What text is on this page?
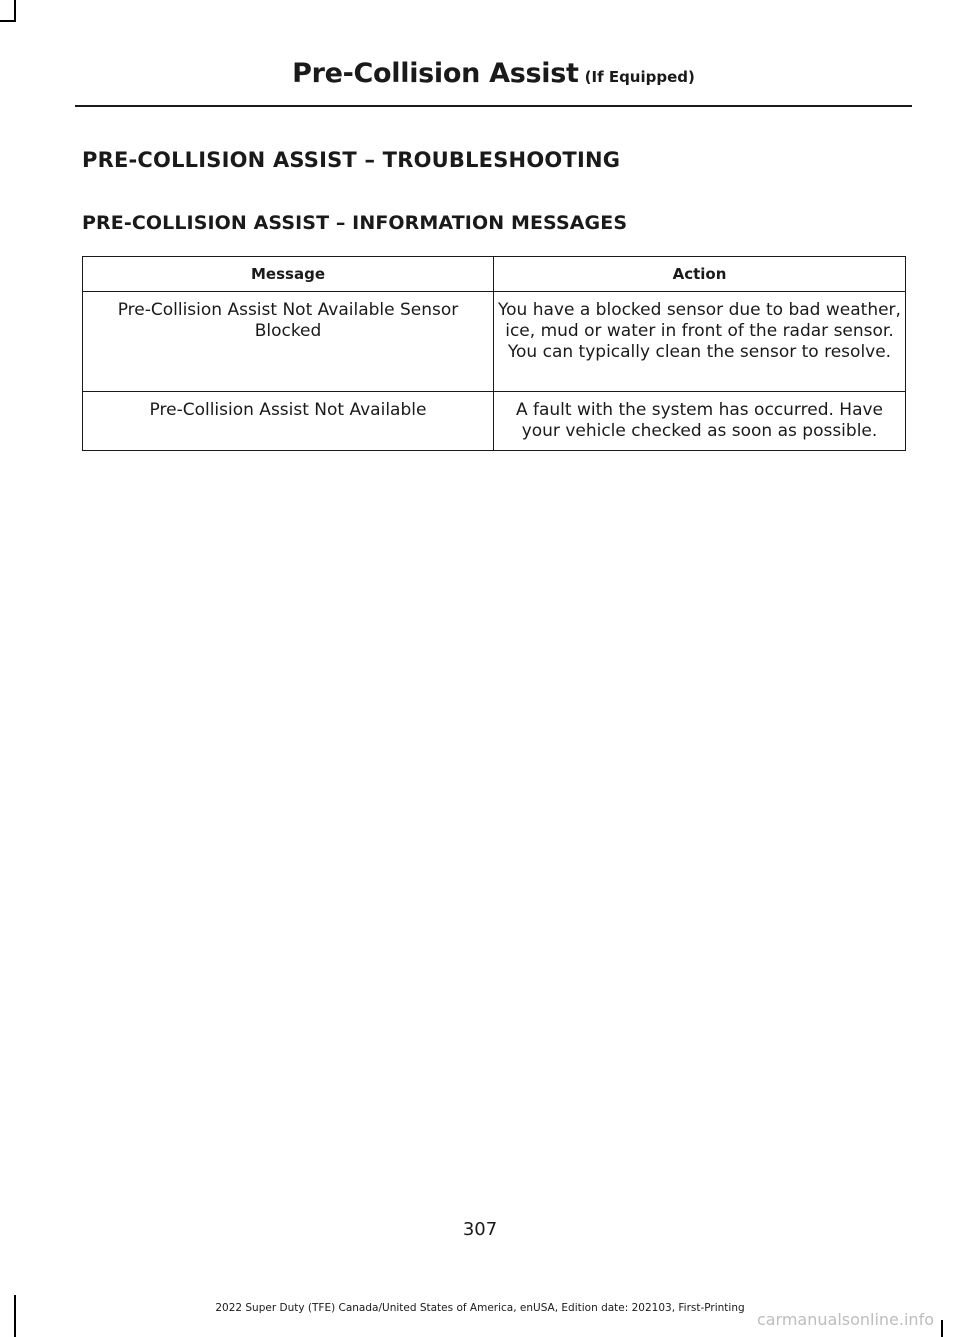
Pre-Collision Assist (If Equipped)
PRE-COLLISION ASSIST – TROUBLESHOOTING
PRE-COLLISION ASSIST – INFORMATION MESSAGES
Message	Action
Pre-Collision Assist Not Available Sensor Blocked	You have a blocked sensor due to bad weather, ice, mud or water in front of the radar sensor. You can typically clean the sensor to resolve.
Pre-Collision Assist Not Available	A fault with the system has occurred. Have your vehicle checked as soon as possible.
307
2022 Super Duty (TFE) Canada/United States of America, enUSA, Edition date: 202103, First-Printing
carmanualsonline.info
